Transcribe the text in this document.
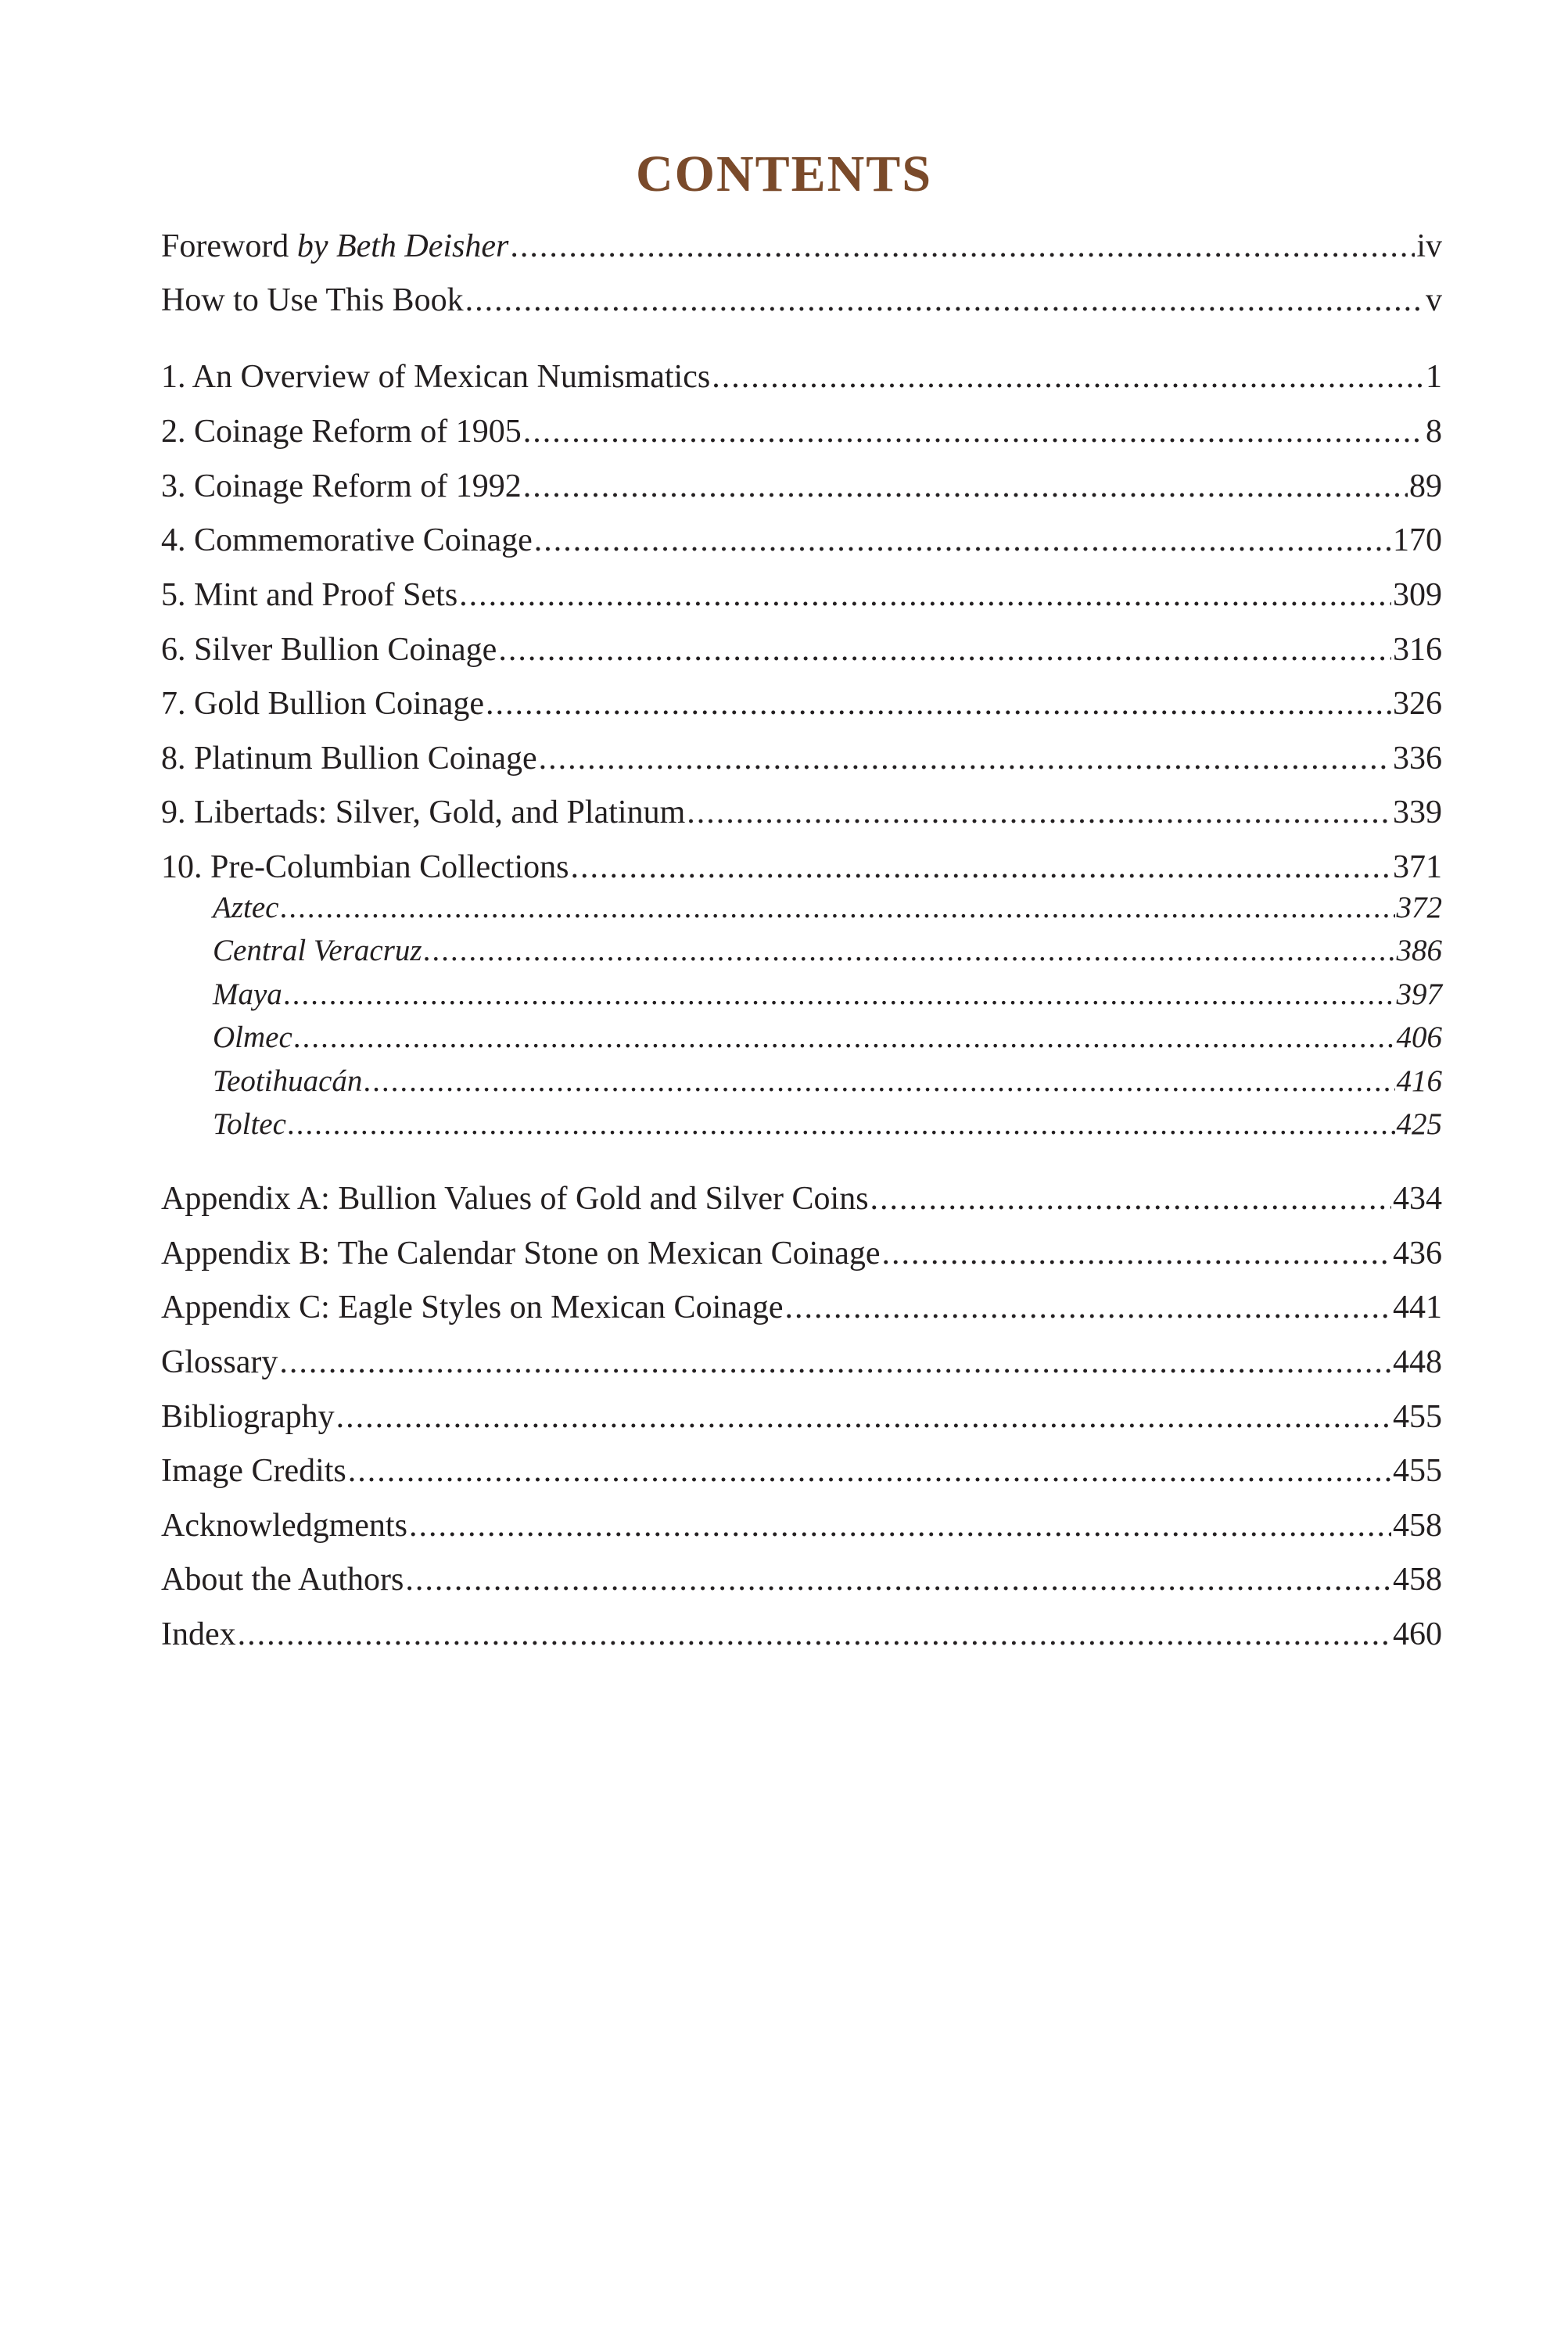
CONTENTS
Foreword by Beth Deisher .....	iv
How to Use This Book .....	v
1. An Overview of Mexican Numismatics .....	1
2. Coinage Reform of 1905 .....	8
3. Coinage Reform of 1992 .....	89
4. Commemorative Coinage .....	170
5. Mint and Proof Sets .....	309
6. Silver Bullion Coinage .....	316
7. Gold Bullion Coinage .....	326
8. Platinum Bullion Coinage .....	336
9. Libertads: Silver, Gold, and Platinum .....	339
10. Pre-Columbian Collections .....	371
Aztec .....	372
Central Veracruz .....	386
Maya .....	397
Olmec .....	406
Teotihuacán .....	416
Toltec .....	425
Appendix A: Bullion Values of Gold and Silver Coins .....	434
Appendix B: The Calendar Stone on Mexican Coinage .....	436
Appendix C: Eagle Styles on Mexican Coinage .....	441
Glossary .....	448
Bibliography .....	455
Image Credits .....	455
Acknowledgments .....	458
About the Authors .....	458
Index .....	460
